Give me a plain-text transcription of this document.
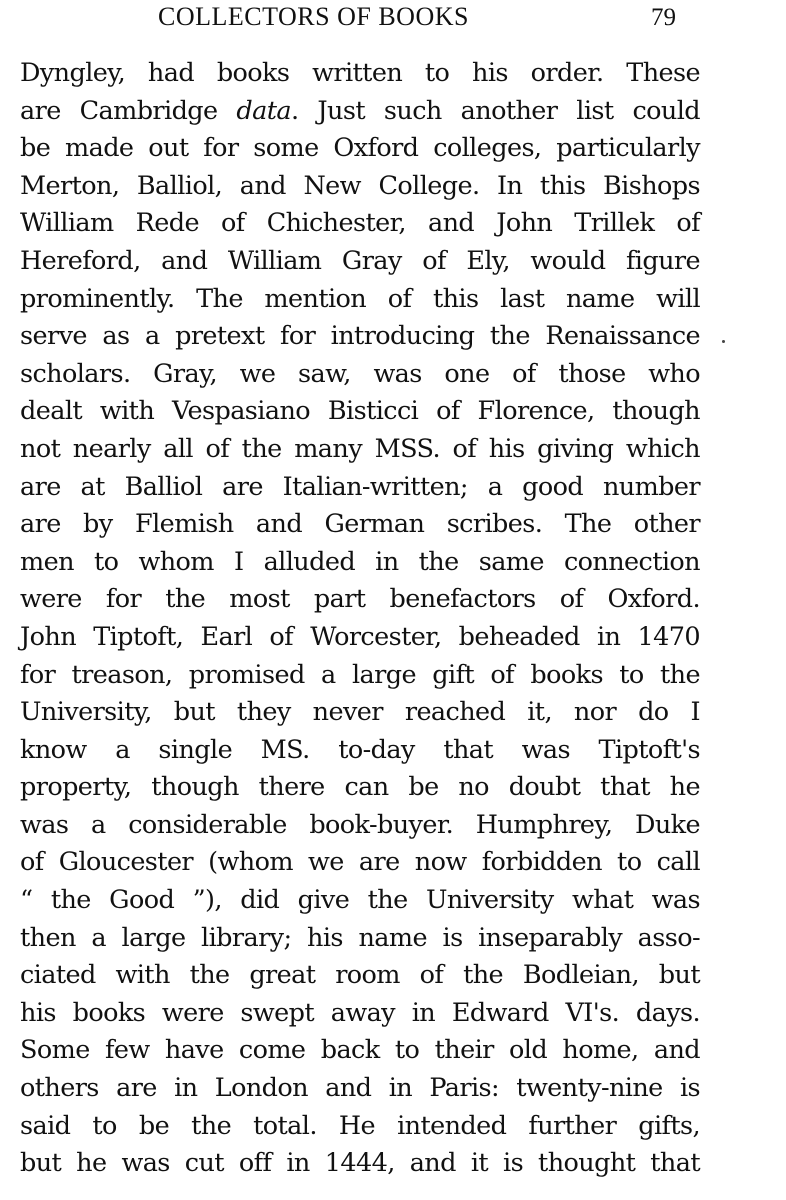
COLLECTORS OF BOOKS	79
Dyngley, had books written to his order. These
are Cambridge data. Just such another list could
be made out for some Oxford colleges, particularly
Merton, Balliol, and New College. In this Bishops
William Rede of Chichester, and John Trillek of
Hereford, and William Gray of Ely, would figure
prominently. The mention of this last name will
serve as a pretext for introducing the Renaissance
scholars. Gray, we saw, was one of those who
dealt with Vespasiano Bisticci of Florence, though
not nearly all of the many MSS. of his giving which
are at Balliol are Italian-written; a good number
are by Flemish and German scribes. The other
men to whom I alluded in the same connection
were for the most part benefactors of Oxford.
John Tiptoft, Earl of Worcester, beheaded in 1470
for treason, promised a large gift of books to the
University, but they never reached it, nor do I
know a single MS. to-day that was Tiptoft's
property, though there can be no doubt that he
was a considerable book-buyer. Humphrey, Duke
of Gloucester (whom we are now forbidden to call
“ the Good ”), did give the University what was
then a large library; his name is inseparably asso-
ciated with the great room of the Bodleian, but
his books were swept away in Edward VI's. days.
Some few have come back to their old home, and
others are in London and in Paris: twenty-nine is
said to be the total. He intended further gifts,
but he was cut off in 1444, and it is thought that
